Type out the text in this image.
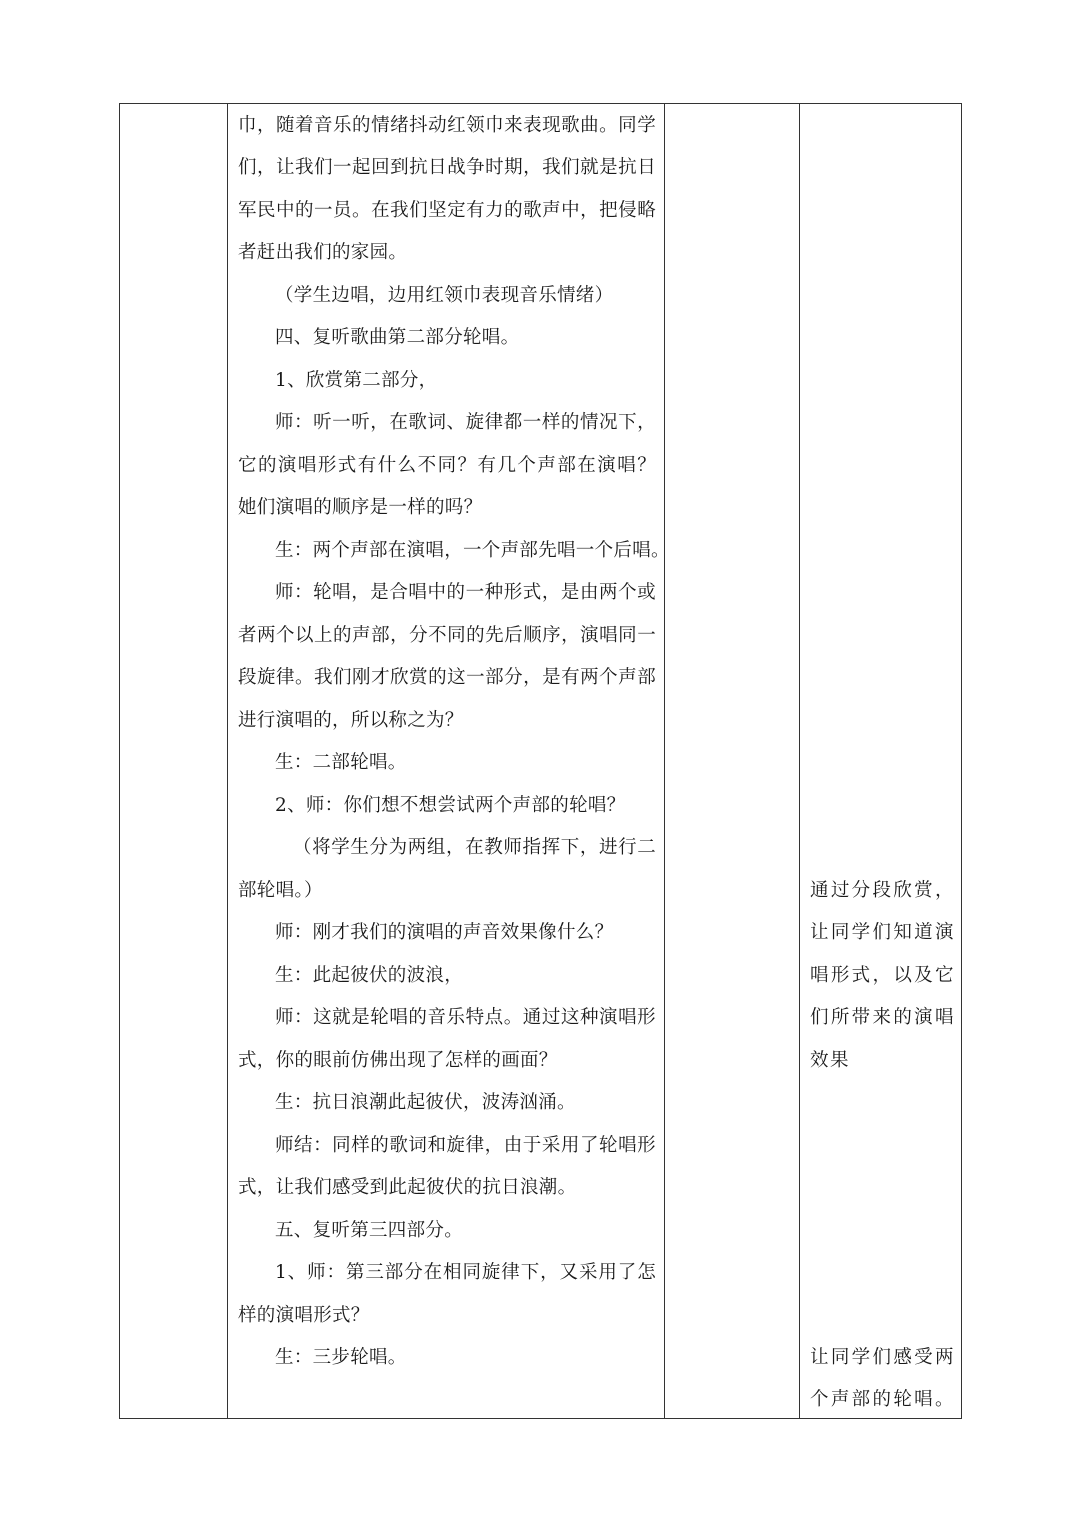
巾，随着音乐的情绪抖动红领巾来表现歌曲。同学
们，让我们一起回到抗日战争时期，我们就是抗日
军民中的一员。在我们坚定有力的歌声中，把侵略
者赶出我们的家园。
（学生边唱，边用红领巾表现音乐情绪）
四、复听歌曲第二部分轮唱。
1、欣赏第二部分，
师：听一听，在歌词、旋律都一样的情况下，
它的演唱形式有什么不同？有几个声部在演唱？
她们演唱的顺序是一样的吗？
生：两个声部在演唱，一个声部先唱一个后唱。
师：轮唱，是合唱中的一种形式，是由两个或
者两个以上的声部，分不同的先后顺序，演唱同一
段旋律。我们刚才欣赏的这一部分，是有两个声部
进行演唱的，所以称之为？
生：二部轮唱。
2、师：你们想不想尝试两个声部的轮唱？
（将学生分为两组，在教师指挥下，进行二
部轮唱。）
师：刚才我们的演唱的声音效果像什么？
生：此起彼伏的波浪，
师：这就是轮唱的音乐特点。通过这种演唱形
式，你的眼前仿佛出现了怎样的画面？
生：抗日浪潮此起彼伏，波涛汹涌。
师结：同样的歌词和旋律，由于采用了轮唱形
式，让我们感受到此起彼伏的抗日浪潮。
五、复听第三四部分。
1、师：第三部分在相同旋律下，又采用了怎
样的演唱形式？
生：三步轮唱。
通过分段欣赏，
让同学们知道演
唱形式，以及它
们所带来的演唱
效果
让同学们感受两
个声部的轮唱。
